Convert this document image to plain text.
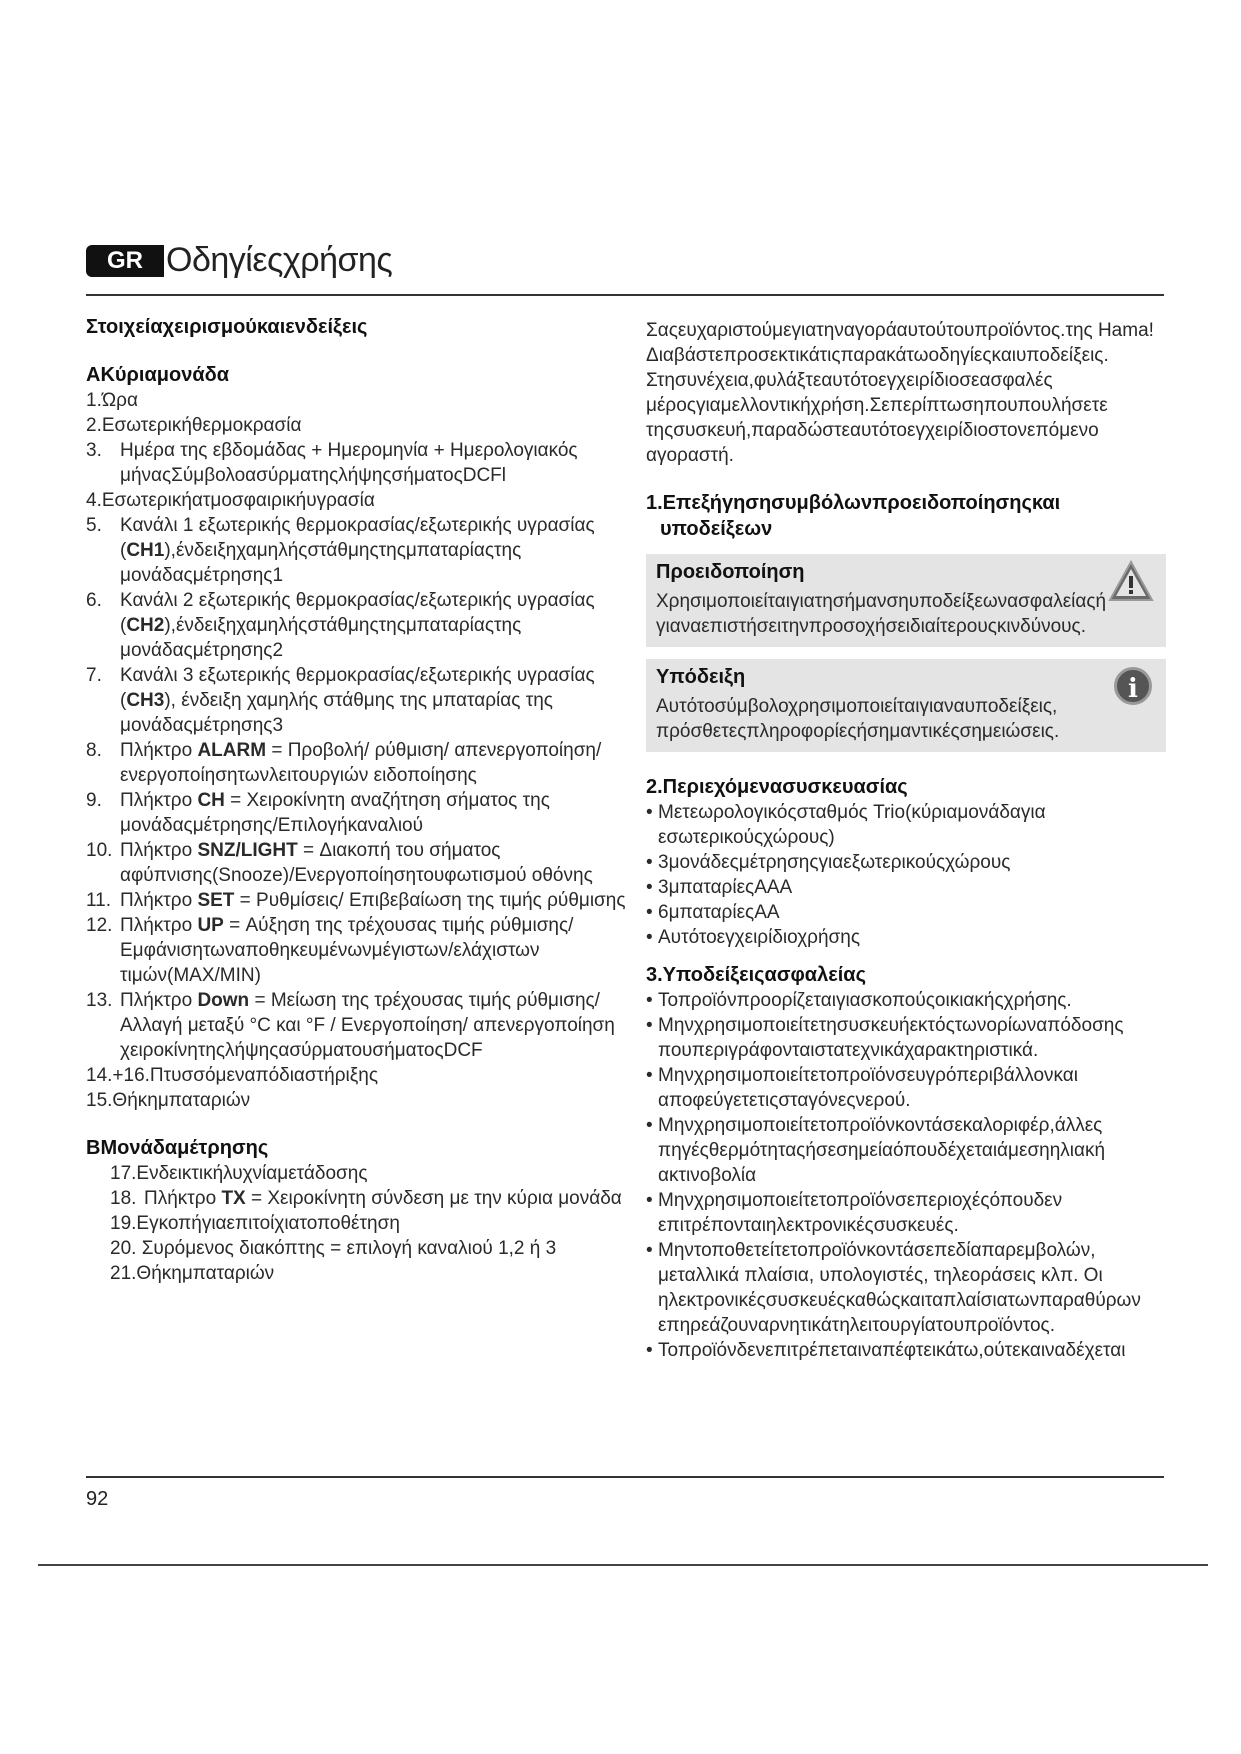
GR Οδηγίεςχρήσης
Στοιχείαχειρισμούκαιενδείξεις
ΑΚύριαμονάδα
1.Ώρα
2.Εσωτερικήθερμοκρασία
3. Ημέρα της εβδομάδας + Ημερομηνία + Ημερολογιακός μήναςΣύμβολοασύρματηςλήψηςσήματοςDCFl
4.Εσωτερικήατμοσφαιρικήυγρασία
5. Κανάλι 1 εξωτερικής θερμοκρασίας/εξωτερικής υγρασίας (CH1),ένδειξηχαμηλήςστάθμηςτηςμπαταρίαςτης μονάδαςμέτρησης1
6. Κανάλι 2 εξωτερικής θερμοκρασίας/εξωτερικής υγρασίας (CH2),ένδειξηχαμηλήςστάθμηςτηςμπαταρίαςτης μονάδαςμέτρησης2
7. Κανάλι 3 εξωτερικής θερμοκρασίας/εξωτερικής υγρασίας (CH3), ένδειξη χαμηλής στάθμης της μπαταρίας της μονάδαςμέτρησης3
8. Πλήκτρο ALARM = Προβολή/ ρύθμιση/ απενεργοποίηση/ενεργοποίησητωνλειτουργιών ειδοποίησης
9. Πλήκτρο CH = Χειροκίνητη αναζήτηση σήματος της μονάδαςμέτρησης/Επιλογήκαναλιού
10. Πλήκτρο SNZ/LIGHT = Διακοπή του σήματος αφύπνισης(Snooze)/Ενεργοποίησητουφωτισμού οθόνης
11. Πλήκτρο SET = Ρυθμίσεις/ Επιβεβαίωση της τιμής ρύθμισης
12. Πλήκτρο UP = Αύξηση της τρέχουσας τιμής ρύθμισης/ Εμφάνισητωναποθηκευμένωνμέγιστων/ελάχιστων τιμών(MAX/MIN)
13. Πλήκτρο Down = Μείωση της τρέχουσας τιμής ρύθμισης/ Αλλαγή μεταξύ °C και °F / Ενεργοποίηση/ απενεργοποίηση χειροκίνητηςλήψηςασύρματουσήματοςDCF
14.+16.Πτυσσόμεναπόδιαστήριξης
15.Θήκημπαταριών
ΒΜονάδαμέτρησης
17.Ενδεικτικήλυχνίαμετάδοσης
18. Πλήκτρο TX = Χειροκίνητη σύνδεση με την κύρια μονάδα
19.Εγκοπήγιαεπιτοίχιατοποθέτηση
20. Συρόμενος διακόπτης = επιλογή καναλιού 1,2 ή 3
21.Θήκημπαταριών

Σαςευχαριστούμεγιατηναγοράαυτούτουπροϊόντος.της Hama!

Διαβάστεπροσεκτικάτιςπαρακάτωοδηγίεςκαιυποδείξεις. Στησυνέχεια,φυλάξτεαυτότοεγχειρίδιοσεασφαλές μέροςγιαμελλοντικήχρήση.Σεπερίπτωσηπουπουλήσετε τηςσυσκευή,παραδώστεαυτότοεγχειρίδιοστονεπόμενο αγοραστή.

1.Επεξήγησησυμβόλωνπροειδοποίησηςκαι υποδείξεων
Προειδοποίηση

Χρησιμοποιείταιγιατησήμανσηυποδείξεωνασφαλείαςή γιαναεπιστήσειτηνπροσοχήσειδιαίτερουςκινδύνους.

Υπόδειξη	i

Αυτότοσύμβολοχρησιμοποιείταιγιαναυποδείξεις, πρόσθετεςπληροφορίεςήσημαντικέςσημειώσεις.

2.Περιεχόμενασυσκευασίας
• Μετεωρολογικόςσταθμός Trio(κύριαμονάδαγια εσωτερικούςχώρους)
• 3μονάδεςμέτρησηςγιαεξωτερικούςχώρους
• 3μπαταρίεςAAA
• 6μπαταρίεςAA
• Αυτότοεγχειρίδιοχρήσης
3.Υποδείξειςασφαλείας
• Τοπροϊόνπροορίζεταιγιασκοπούςοικιακήςχρήσης.
• Μηνχρησιμοποιείτετησυσκευήεκτόςτωνορίωναπόδοσης πουπεριγράφονταιστατεχνικάχαρακτηριστικά.
• Μηνχρησιμοποιείτετοπροϊόνσευγρόπεριβάλλονκαι αποφεύγετετιςσταγόνεςνερού.
• Μηνχρησιμοποιείτετοπροϊόνκοντάσεκαλοριφέρ,άλλες πηγέςθερμότηταςήσεσημείαόπουδέχεταιάμεσηηλιακή ακτινοβολία
• Μηνχρησιμοποιείτετοπροϊόνσεπεριοχέςόπουδεν επιτρέπονταιηλεκτρονικέςσυσκευές.
• Μηντοποθετείτετοπροϊόνκοντάσεπεδίαπαρεμβολών, μεταλλικά πλαίσια, υπολογιστές, τηλεοράσεις κλπ. Οι ηλεκτρονικέςσυσκευέςκαθώςκαιταπλαίσιατωνπαραθύρων επηρεάζουναρνητικάτηλειτουργίατουπροϊόντος.
• Τοπροϊόνδενεπιτρέπεταιναπέφτεικάτω,ούτεκαιναδέχεται
92
